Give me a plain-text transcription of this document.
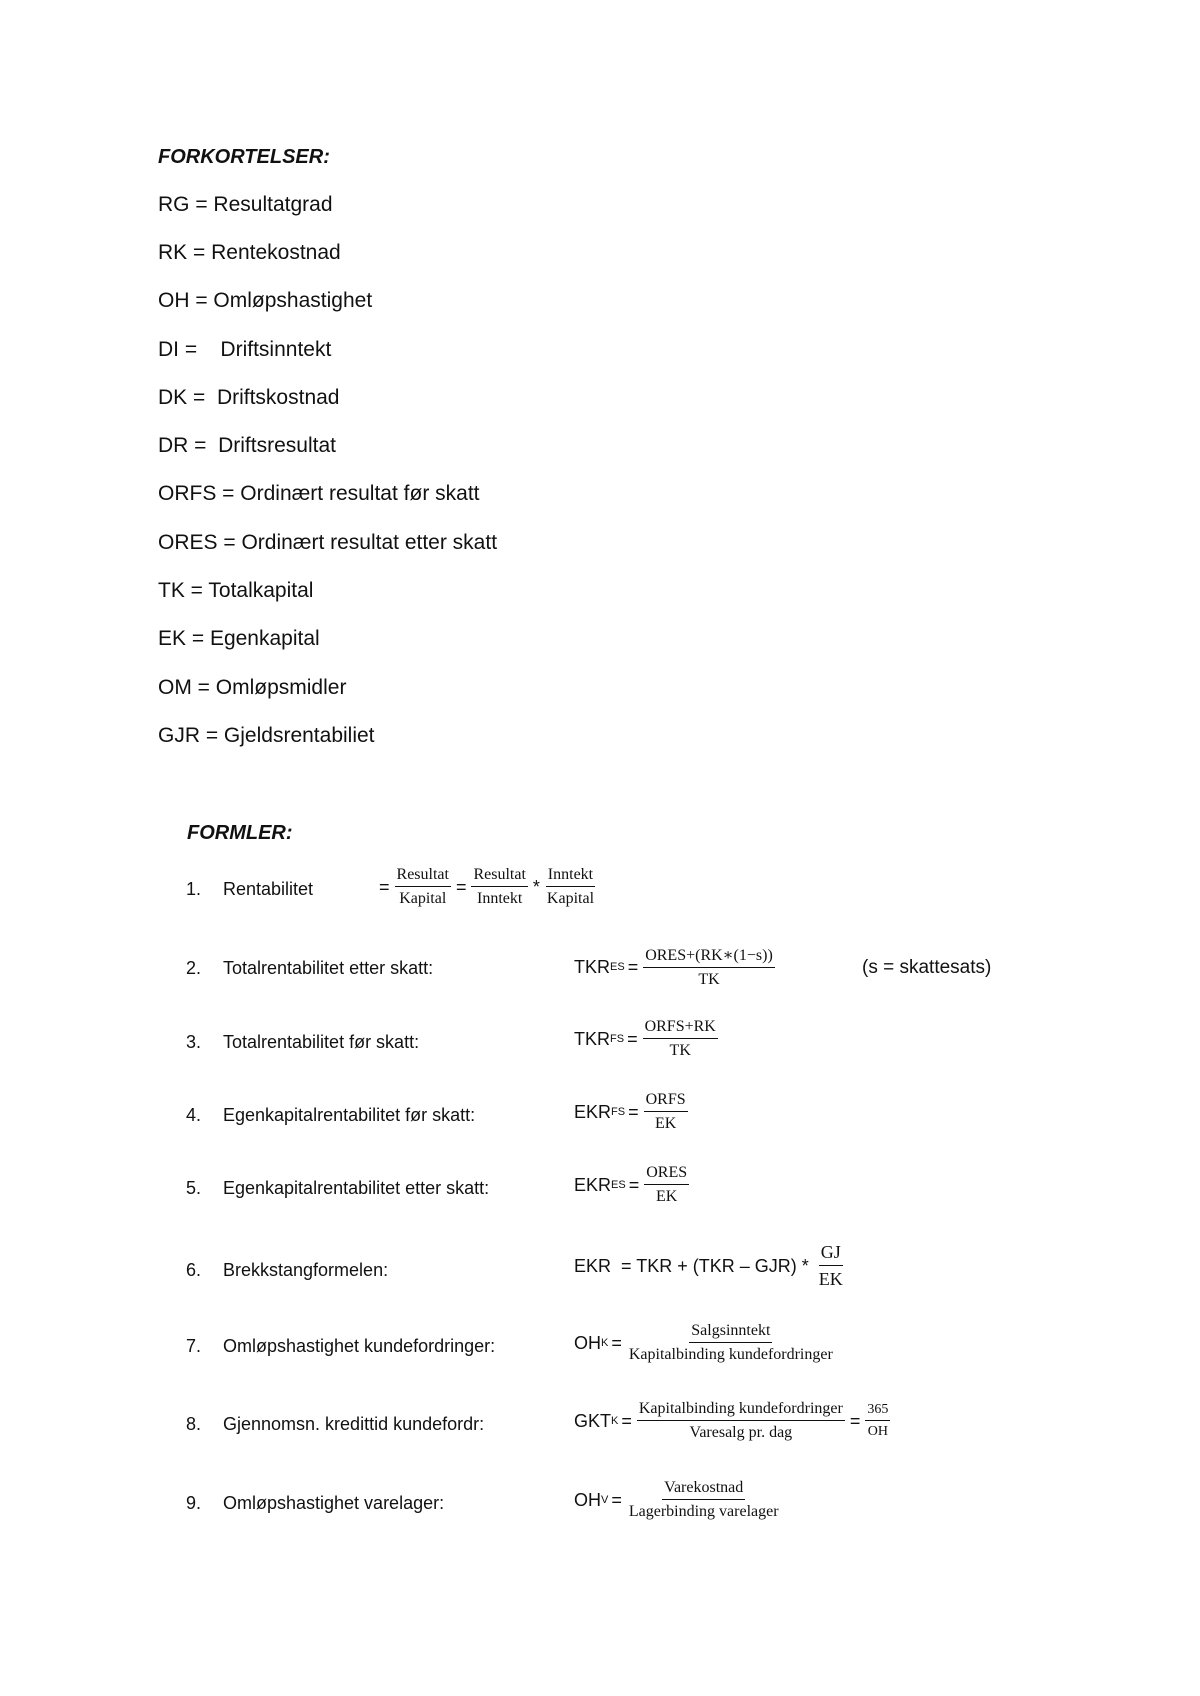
FORKORTELSER:
RG = Resultatgrad
RK = Rentekostnad
OH = Omløpshastighet
DI =    Driftsinntekt
DK =  Driftskostnad
DR =  Driftsresultat
ORFS = Ordinært resultat før skatt
ORES = Ordinært resultat etter skatt
TK = Totalkapital
EK = Egenkapital
OM = Omløpsmidler
GJR = Gjeldsrentabiliet
FORMLER:
1. Rentabilitet	= $\frac{\text{Resultat}}{\text{Kapital}} = \frac{\text{Resultat}}{\text{Inntekt}} * \frac{\text{Inntekt}}{\text{Kapital}}$
2. Totalrentabilitet etter skatt:	TKR ES = $\frac{\text{ORES+(RK∗(1−s))}}{TK}$	(s = skattesats)
3. Totalrentabilitet før skatt:	TKR FS = $\frac{\text{ORFS+RK}}{TK}$
4. Egenkapitalrentabilitet før skatt:	EKR FS = $\frac{\text{ORFS}}{EK}$
5. Egenkapitalrentabilitet etter skatt:	EKR ES = $\frac{\text{ORES}}{EK}$
6. Brekkstangformelen:	EKR  = TKR + $(TKR - GJR) * \frac{GJ}{EK}$
7. Omløpshastighet kundefordringer:	OH $K = \frac{\text{Salgsinntekt}}{\text{Kapitalbinding kundefordringer}}$
8. Gjennomsn. kredittid kundefordr:	GKT $K = \frac{\text{Kapitalbinding kundefordringer}}{\text{Varesalg pr. dag}} = \frac{365}{OH}$
9. Omløpshastighet varelager:	OH $V = \frac{\text{Varekostnad}}{\text{Lagerbinding varelager}}$
